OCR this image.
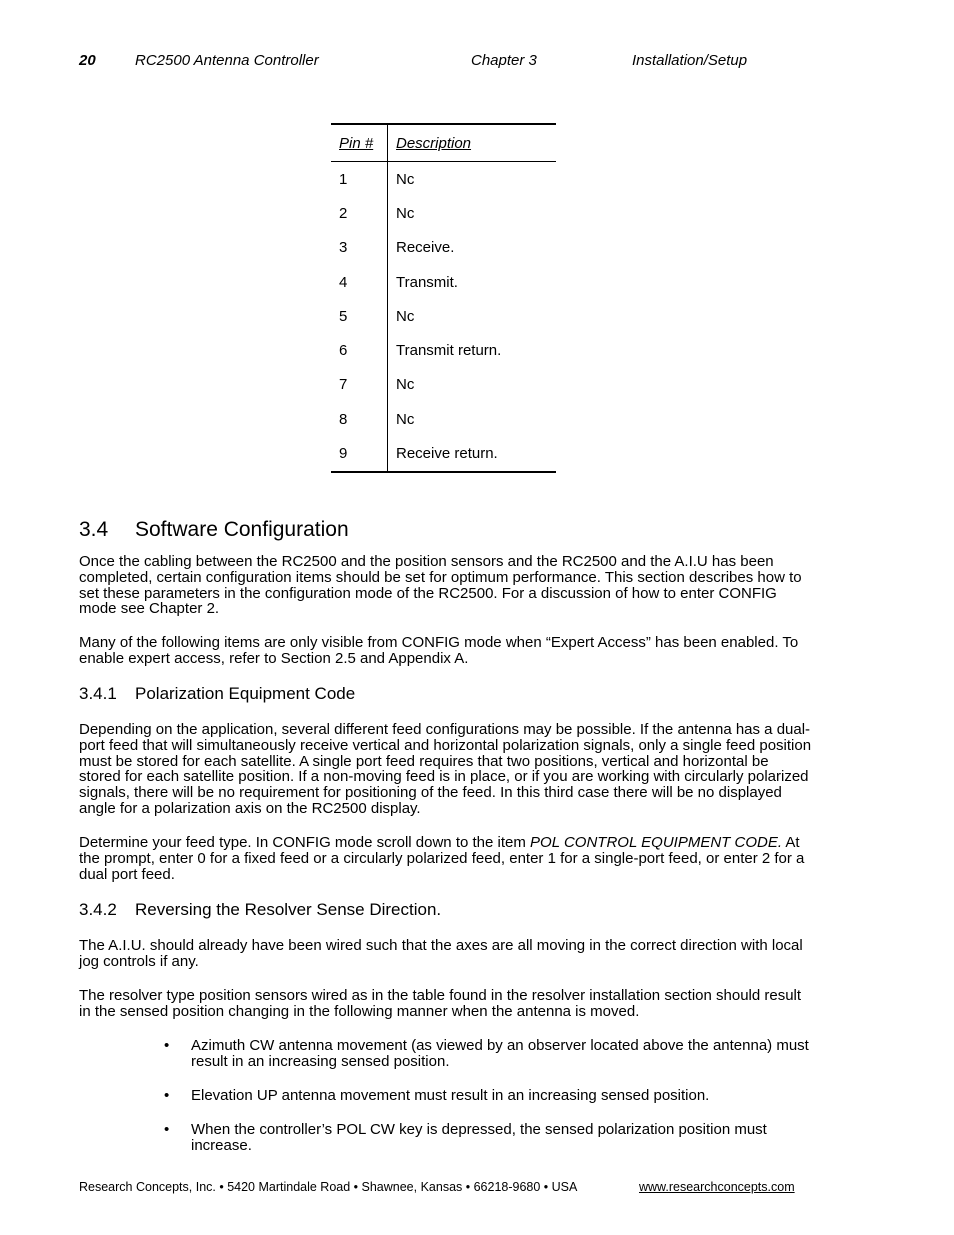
20	RC2500 Antenna Controller	Chapter 3	Installation/Setup
Pin #	Description
1	Nc
2	Nc
3	Receive.
4	Transmit.
5	Nc
6	Transmit return.
7	Nc
8	Nc
9	Receive return.
3.4 Software Configuration

Once the cabling between the RC2500 and the position sensors and the RC2500 and the A.I.U has been completed, certain configuration items should be set for optimum performance. This section describes how to set these parameters in the configuration mode of the RC2500. For a discussion of how to enter CONFIG mode see Chapter 2.

Many of the following items are only visible from CONFIG mode when “Expert Access” has been enabled. To enable expert access, refer to Section 2.5 and Appendix A.

3.4.1 Polarization Equipment Code

Depending on the application, several different feed configurations may be possible. If the antenna has a dual-port feed that will simultaneously receive vertical and horizontal polarization signals, only a single feed position must be stored for each satellite. A single port feed requires that two positions, vertical and horizontal be stored for each satellite position. If a non-moving feed is in place, or if you are working with circularly polarized signals, there will be no requirement for positioning of the feed. In this third case there will be no displayed angle for a polarization axis on the RC2500 display.

Determine your feed type. In CONFIG mode scroll down to the item POL CONTROL EQUIPMENT CODE. At the prompt, enter 0 for a fixed feed or a circularly polarized feed, enter 1 for a single-port feed, or enter 2 for a dual port feed.

3.4.2 Reversing the Resolver Sense Direction.

The A.I.U. should already have been wired such that the axes are all moving in the correct direction with local jog controls if any.

The resolver type position sensors wired as in the table found in the resolver installation section should result in the sensed position changing in the following manner when the antenna is moved.

• Azimuth CW antenna movement (as viewed by an observer located above the antenna) must result in an increasing sensed position.
• Elevation UP antenna movement must result in an increasing sensed position.
• When the controller’s POL CW key is depressed, the sensed polarization position must increase.
Research Concepts, Inc. • 5420 Martindale Road • Shawnee, Kansas • 66218-9680 • USA	www.researchconcepts.com
